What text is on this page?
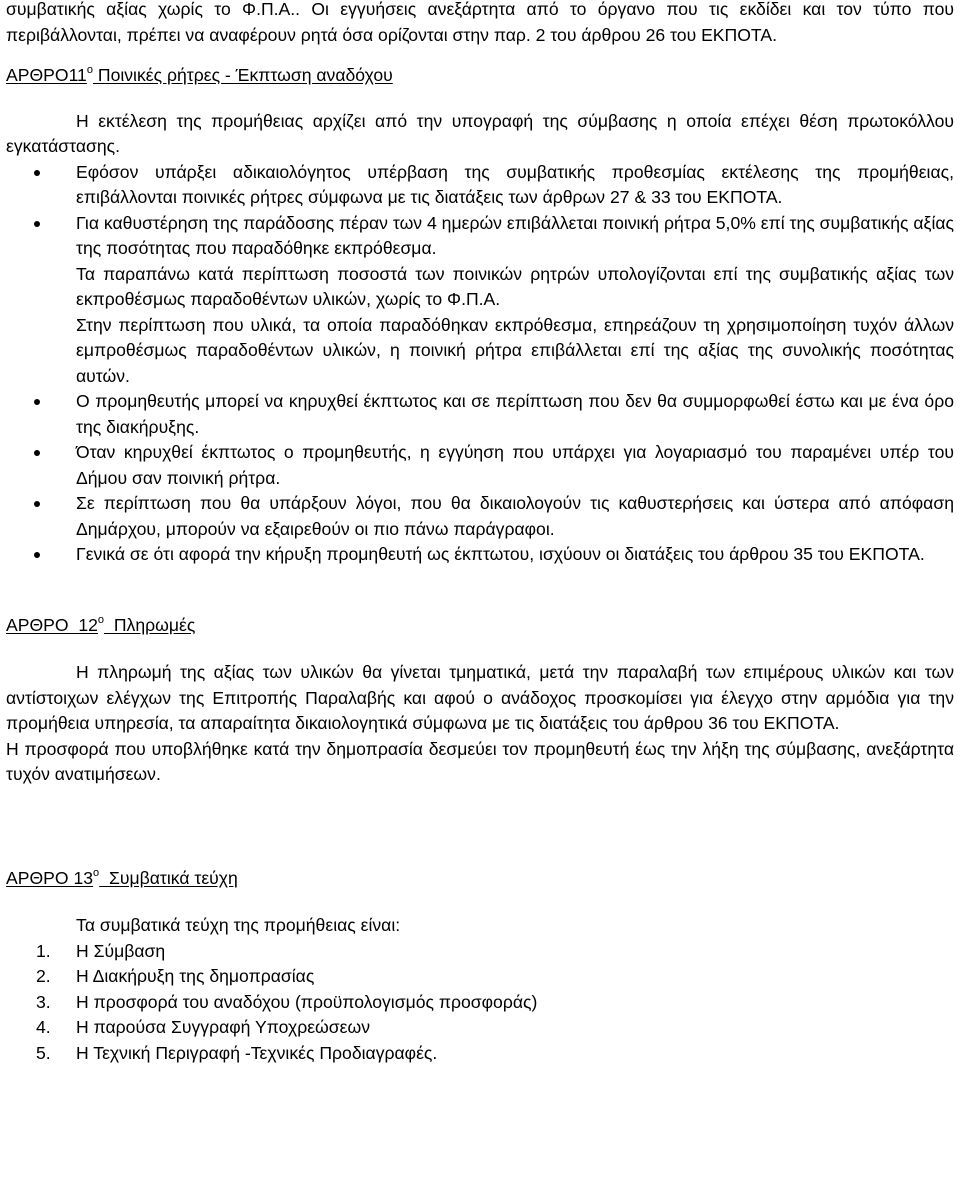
συμβατικής αξίας χωρίς το Φ.Π.Α.. Οι εγγυήσεις ανεξάρτητα από το όργανο που τις εκδίδει και τον τύπο που περιβάλλονται, πρέπει να αναφέρουν ρητά όσα ορίζονται στην παρ. 2 του άρθρου 26 του ΕΚΠΟΤΑ.

ΑΡΘΡΟ11ο Ποινικές ρήτρες - Έκπτωση αναδόχου

Η εκτέλεση της προμήθειας αρχίζει από την υπογραφή της σύμβασης η οποία επέχει θέση πρωτοκόλλου εγκατάστασης.

Εφόσον υπάρξει αδικαιολόγητος υπέρβαση της συμβατικής προθεσμίας εκτέλεσης της προμήθειας, επιβάλλονται ποινικές ρήτρες σύμφωνα με τις διατάξεις των άρθρων 27 & 33 του ΕΚΠΟΤΑ.
Για καθυστέρηση της παράδοσης πέραν των 4 ημερών επιβάλλεται ποινική ρήτρα 5,0% επί της συμβατικής αξίας της ποσότητας που παραδόθηκε εκπρόθεσμα.

Τα παραπάνω κατά περίπτωση ποσοστά των ποινικών ρητρών υπολογίζονται επί της συμβατικής αξίας των εκπροθέσμως παραδοθέντων υλικών, χωρίς το Φ.Π.Α.

Στην περίπτωση που υλικά, τα οποία παραδόθηκαν εκπρόθεσμα, επηρεάζουν τη χρησιμοποίηση τυχόν άλλων εμπροθέσμως παραδοθέντων υλικών, η ποινική ρήτρα επιβάλλεται επί της αξίας της συνολικής ποσότητας αυτών.

Ο προμηθευτής μπορεί να κηρυχθεί έκπτωτος και σε περίπτωση που δεν θα συμμορφωθεί έστω και με ένα όρο της διακήρυξης.
Όταν κηρυχθεί έκπτωτος ο προμηθευτής, η εγγύηση που υπάρχει για λογαριασμό του παραμένει υπέρ του Δήμου σαν ποινική ρήτρα.
Σε περίπτωση που θα υπάρξουν λόγοι, που θα δικαιολογούν τις καθυστερήσεις και ύστερα από απόφαση Δημάρχου, μπορούν να εξαιρεθούν οι πιο πάνω παράγραφοι.
Γενικά σε ότι αφορά την κήρυξη προμηθευτή ως έκπτωτου, ισχύουν οι διατάξεις του άρθρου 35 του ΕΚΠΟΤΑ.

ΑΡΘΡΟ  12ο  Πληρωμές

Η πληρωμή της αξίας των υλικών θα γίνεται τμηματικά, μετά την παραλαβή των επιμέρους υλικών και των αντίστοιχων ελέγχων της Επιτροπής Παραλαβής και αφού ο ανάδοχος προσκομίσει για έλεγχο στην αρμόδια για την προμήθεια υπηρεσία, τα απαραίτητα δικαιολογητικά σύμφωνα με τις διατάξεις του άρθρου 36 του ΕΚΠΟΤΑ.

Η προσφορά που υποβλήθηκε κατά την δημοπρασία δεσμεύει τον προμηθευτή έως την λήξη της σύμβασης, ανεξάρτητα τυχόν ανατιμήσεων.

ΑΡΘΡΟ 13ο  Συμβατικά τεύχη

Τα συμβατικά τεύχη της προμήθειας είναι:

1. Η Σύμβαση
2. Η Διακήρυξη της δημοπρασίας
3. Η προσφορά του αναδόχου (προϋπολογισμός προσφοράς)
4. Η παρούσα Συγγραφή Υποχρεώσεων
5. Η Τεχνική Περιγραφή -Τεχνικές Προδιαγραφές.
